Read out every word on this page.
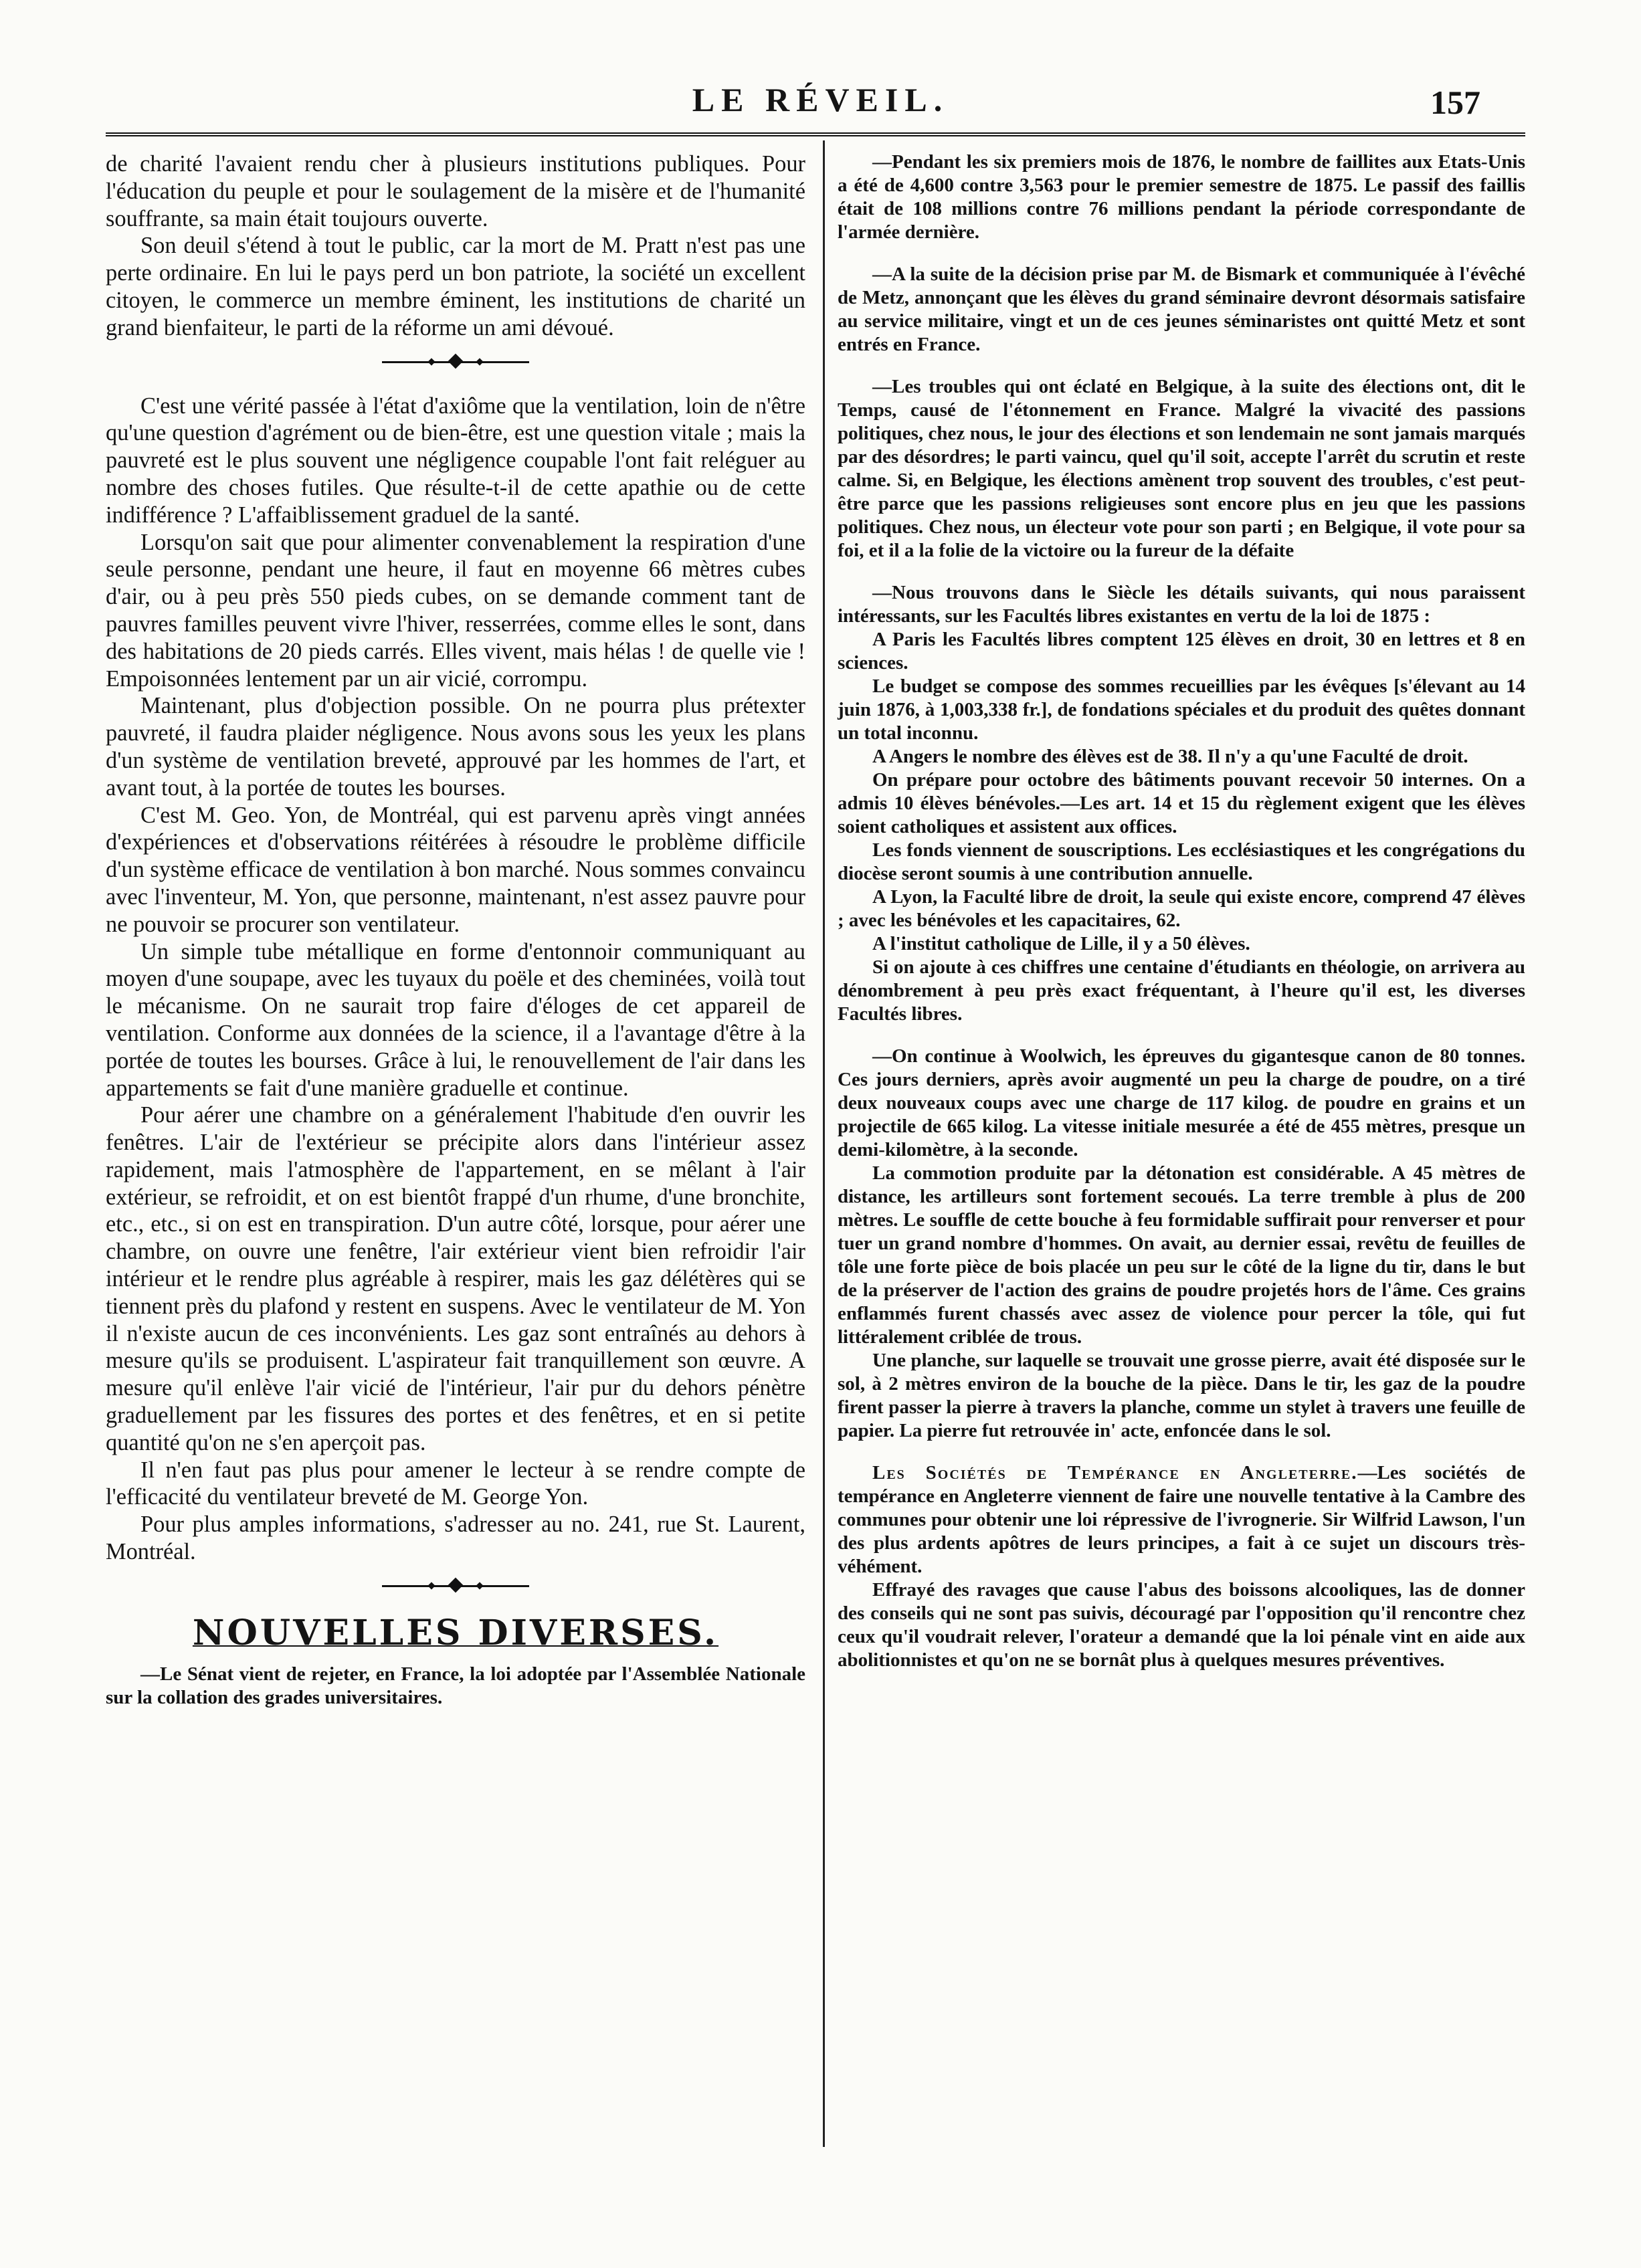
LE RÉVEIL.	157

de charité l'avaient rendu cher à plusieurs institutions publiques. Pour l'éducation du peuple et pour le soulagement de la misère et de l'humanité souffrante, sa main était toujours ouverte.

Son deuil s'étend à tout le public, car la mort de M. Pratt n'est pas une perte ordinaire. En lui le pays perd un bon patriote, la société un excellent citoyen, le commerce un membre éminent, les institutions de charité un grand bienfaiteur, le parti de la réforme un ami dévoué.

C'est une vérité passée à l'état d'axiôme que la ventilation, loin de n'être qu'une question d'agrément ou de bien-être, est une question vitale ; mais la pauvreté est le plus souvent une négligence coupable l'ont fait reléguer au nombre des choses futiles. Que résulte-t-il de cette apathie ou de cette indifférence ? L'affaiblissement graduel de la santé.

Lorsqu'on sait que pour alimenter convenablement la respiration d'une seule personne, pendant une heure, il faut en moyenne 66 mètres cubes d'air, ou à peu près 550 pieds cubes, on se demande comment tant de pauvres familles peuvent vivre l'hiver, resserrées, comme elles le sont, dans des habitations de 20 pieds carrés. Elles vivent, mais hélas ! de quelle vie ! Empoisonnées lentement par un air vicié, corrompu.

Maintenant, plus d'objection possible. On ne pourra plus prétexter pauvreté, il faudra plaider négligence. Nous avons sous les yeux les plans d'un système de ventilation breveté, approuvé par les hommes de l'art, et avant tout, à la portée de toutes les bourses.

C'est M. Geo. Yon, de Montréal, qui est parvenu après vingt années d'expériences et d'observations réitérées à résoudre le problème difficile d'un système efficace de ventilation à bon marché. Nous sommes convaincu avec l'inventeur, M. Yon, que personne, maintenant, n'est assez pauvre pour ne pouvoir se procurer son ventilateur.

Un simple tube métallique en forme d'entonnoir communiquant au moyen d'une soupape, avec les tuyaux du poële et des cheminées, voilà tout le mécanisme. On ne saurait trop faire d'éloges de cet appareil de ventilation. Conforme aux données de la science, il a l'avantage d'être à la portée de toutes les bourses. Grâce à lui, le renouvellement de l'air dans les appartements se fait d'une manière graduelle et continue.

Pour aérer une chambre on a généralement l'habitude d'en ouvrir les fenêtres. L'air de l'extérieur se précipite alors dans l'intérieur assez rapidement, mais l'atmosphère de l'appartement, en se mêlant à l'air extérieur, se refroidit, et on est bientôt frappé d'un rhume, d'une bronchite, etc., etc., si on est en transpiration. D'un autre côté, lorsque, pour aérer une chambre, on ouvre une fenêtre, l'air extérieur vient bien refroidir l'air intérieur et le rendre plus agréable à respirer, mais les gaz délétères qui se tiennent près du plafond y restent en suspens. Avec le ventilateur de M. Yon il n'existe aucun de ces inconvénients. Les gaz sont entraînés au dehors à mesure qu'ils se produisent. L'aspirateur fait tranquillement son œuvre. A mesure qu'il enlève l'air vicié de l'intérieur, l'air pur du dehors pénètre graduellement par les fissures des portes et des fenêtres, et en si petite quantité qu'on ne s'en aperçoit pas.

Il n'en faut pas plus pour amener le lecteur à se rendre compte de l'efficacité du ventilateur breveté de M. George Yon.

Pour plus amples informations, s'adresser au no. 241, rue St. Laurent, Montréal.

NOUVELLES DIVERSES.

—Le Sénat vient de rejeter, en France, la loi adoptée par l'Assemblée Nationale sur la collation des grades universitaires.

—Pendant les six premiers mois de 1876, le nombre de faillites aux Etats-Unis a été de 4,600 contre 3,563 pour le premier semestre de 1875. Le passif des faillis était de 108 millions contre 76 millions pendant la période correspondante de l'armée dernière.

—A la suite de la décision prise par M. de Bismark et communiquée à l'évêché de Metz, annonçant que les élèves du grand séminaire devront désormais satisfaire au service militaire, vingt et un de ces jeunes séminaristes ont quitté Metz et sont entrés en France.

—Les troubles qui ont éclaté en Belgique, à la suite des élections ont, dit le Temps, causé de l'étonnement en France. Malgré la vivacité des passions politiques, chez nous, le jour des élections et son lendemain ne sont jamais marqués par des désordres; le parti vaincu, quel qu'il soit, accepte l'arrêt du scrutin et reste calme. Si, en Belgique, les élections amènent trop souvent des troubles, c'est peut-être parce que les passions religieuses sont encore plus en jeu que les passions politiques. Chez nous, un électeur vote pour son parti ; en Belgique, il vote pour sa foi, et il a la folie de la victoire ou la fureur de la défaite

—Nous trouvons dans le Siècle les détails suivants, qui nous paraissent intéressants, sur les Facultés libres existantes en vertu de la loi de 1875 :

A Paris les Facultés libres comptent 125 élèves en droit, 30 en lettres et 8 en sciences.

Le budget se compose des sommes recueillies par les évêques [s'élevant au 14 juin 1876, à 1,003,338 fr.], de fondations spéciales et du produit des quêtes donnant un total inconnu.

A Angers le nombre des élèves est de 38. Il n'y a qu'une Faculté de droit.

On prépare pour octobre des bâtiments pouvant recevoir 50 internes. On a admis 10 élèves bénévoles.—Les art. 14 et 15 du règlement exigent que les élèves soient catholiques et assistent aux offices.

Les fonds viennent de souscriptions. Les ecclésiastiques et les congrégations du diocèse seront soumis à une contribution annuelle.

A Lyon, la Faculté libre de droit, la seule qui existe encore, comprend 47 élèves ; avec les bénévoles et les capacitaires, 62.

A l'institut catholique de Lille, il y a 50 élèves.

Si on ajoute à ces chiffres une centaine d'étudiants en théologie, on arrivera au dénombrement à peu près exact fréquentant, à l'heure qu'il est, les diverses Facultés libres.

—On continue à Woolwich, les épreuves du gigantesque canon de 80 tonnes. Ces jours derniers, après avoir augmenté un peu la charge de poudre, on a tiré deux nouveaux coups avec une charge de 117 kilog. de poudre en grains et un projectile de 665 kilog. La vitesse initiale mesurée a été de 455 mètres, presque un demi-kilomètre, à la seconde.

La commotion produite par la détonation est considérable. A 45 mètres de distance, les artilleurs sont fortement secoués. La terre tremble à plus de 200 mètres. Le souffle de cette bouche à feu formidable suffirait pour renverser et pour tuer un grand nombre d'hommes. On avait, au dernier essai, revêtu de feuilles de tôle une forte pièce de bois placée un peu sur le côté de la ligne du tir, dans le but de la préserver de l'action des grains de poudre projetés hors de l'âme. Ces grains enflammés furent chassés avec assez de violence pour percer la tôle, qui fut littéralement criblée de trous.

Une planche, sur laquelle se trouvait une grosse pierre, avait été disposée sur le sol, à 2 mètres environ de la bouche de la pièce. Dans le tir, les gaz de la poudre firent passer la pierre à travers la planche, comme un stylet à travers une feuille de papier. La pierre fut retrouvée in' acte, enfoncée dans le sol.

Les Sociétés de Tempérance en Angleterre.—Les sociétés de tempérance en Angleterre viennent de faire une nouvelle tentative à la Cambre des communes pour obtenir une loi répressive de l'ivrognerie. Sir Wilfrid Lawson, l'un des plus ardents apôtres de leurs principes, a fait à ce sujet un discours très-véhément.

Effrayé des ravages que cause l'abus des boissons alcooliques, las de donner des conseils qui ne sont pas suivis, découragé par l'opposition qu'il rencontre chez ceux qu'il voudrait relever, l'orateur a demandé que la loi pénale vint en aide aux abolitionnistes et qu'on ne se bornât plus à quelques mesures préventives.
